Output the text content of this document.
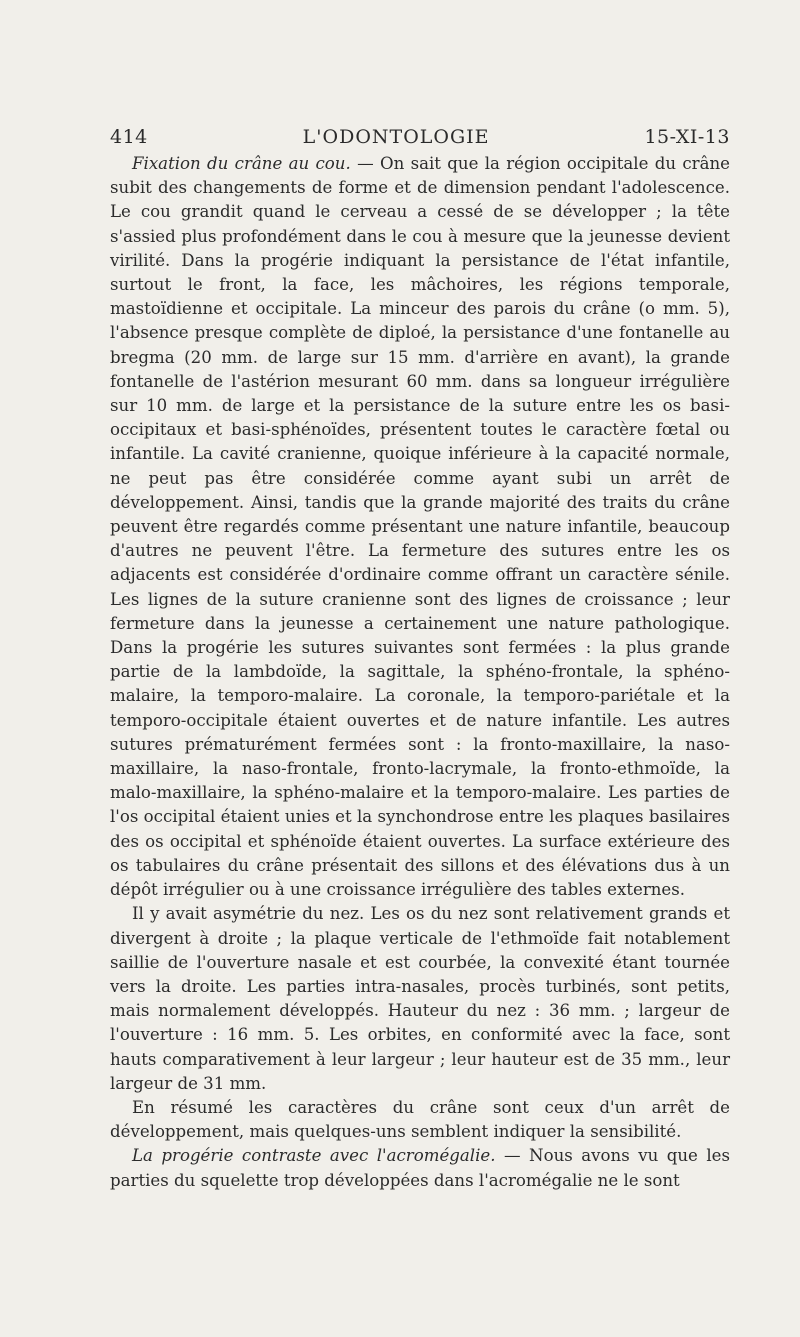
414	L'ODONTOLOGIE	15-XI-13

Fixation du crâne au cou. — On sait que la région occipitale du crâne subit des changements de forme et de dimension pendant l'adolescence. Le cou grandit quand le cerveau a cessé de se développer ; la tête s'assied plus profondément dans le cou à mesure que la jeunesse devient virilité. Dans la progérie indiquant la persistance de l'état infantile, surtout le front, la face, les mâchoires, les régions temporale, mastoïdienne et occipitale. La minceur des parois du crâne (o mm. 5), l'absence presque complète de diploé, la persistance d'une fontanelle au bregma (20 mm. de large sur 15 mm. d'arrière en avant), la grande fontanelle de l'astérion mesurant 60 mm. dans sa longueur irrégulière sur 10 mm. de large et la persistance de la suture entre les os basi-occipitaux et basi-sphénoïdes, présentent toutes le caractère fœtal ou infantile. La cavité cranienne, quoique inférieure à la capacité normale, ne peut pas être considérée comme ayant subi un arrêt de développement. Ainsi, tandis que la grande majorité des traits du crâne peuvent être regardés comme présentant une nature infantile, beaucoup d'autres ne peuvent l'être. La fermeture des sutures entre les os adjacents est considérée d'ordinaire comme offrant un caractère sénile. Les lignes de la suture cranienne sont des lignes de croissance ; leur fermeture dans la jeunesse a certainement une nature pathologique. Dans la progérie les sutures suivantes sont fermées : la plus grande partie de la lambdoïde, la sagittale, la sphéno-frontale, la sphéno-malaire, la temporo-malaire. La coronale, la temporo-pariétale et la temporo-occipitale étaient ouvertes et de nature infantile. Les autres sutures prématurément fermées sont : la fronto-maxillaire, la naso-maxillaire, la naso-frontale, fronto-lacrymale, la fronto-ethmoïde, la malo-maxillaire, la sphéno-malaire et la temporo-malaire. Les parties de l'os occipital étaient unies et la synchondrose entre les plaques basilaires des os occipital et sphénoïde étaient ouvertes. La surface extérieure des os tabulaires du crâne présentait des sillons et des élévations dus à un dépôt irrégulier ou à une croissance irrégulière des tables externes.

Il y avait asymétrie du nez. Les os du nez sont relativement grands et divergent à droite ; la plaque verticale de l'ethmoïde fait notablement saillie de l'ouverture nasale et est courbée, la convexité étant tournée vers la droite. Les parties intra-nasales, procès turbinés, sont petits, mais normalement développés. Hauteur du nez : 36 mm. ; largeur de l'ouverture : 16 mm. 5. Les orbites, en conformité avec la face, sont hauts comparativement à leur largeur ; leur hauteur est de 35 mm., leur largeur de 31 mm.

En résumé les caractères du crâne sont ceux d'un arrêt de développement, mais quelques-uns semblent indiquer la sensibilité.

La progérie contraste avec l'acromégalie. — Nous avons vu que les parties du squelette trop développées dans l'acromégalie ne le sont
